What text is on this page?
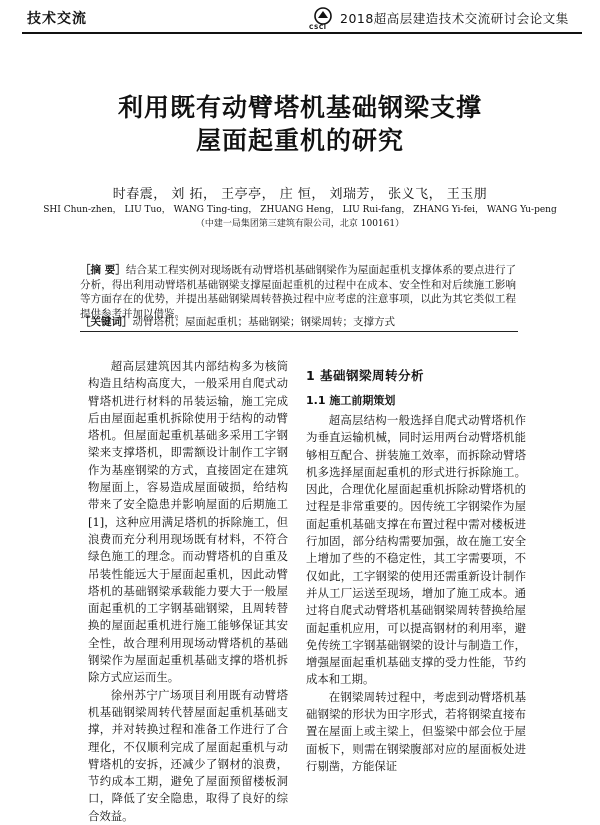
技术交流
CSCI
2018超高层建造技术交流研讨会论文集
利用既有动臂塔机基础钢梁支撑
屋面起重机的研究
时春震， 刘 拓， 王亭亭， 庄 恒， 刘瑞芳， 张义飞， 王玉朋
SHI Chun-zhen， LIU Tuo， WANG Ting-ting， ZHUANG Heng， LIU Rui-fang， ZHANG Yi-fei， WANG Yu-peng
（中建一局集团第三建筑有限公司，北京 100161）
［摘 要］结合某工程实例对现场既有动臂塔机基础钢梁作为屋面起重机支撑体系的要点进行了分析，得出利用动臂塔机基础钢梁支撑屋面起重机的过程中在成本、安全性和对后续施工影响等方面存在的优势，并提出基础钢梁周转替换过程中应考虑的注意事项，以此为其它类似工程提供参考并加以借鉴。
［关键词］动臂塔机；屋面起重机；基础钢梁；钢梁周转；支撑方式

超高层建筑因其内部结构多为核筒构造且结构高度大，一般采用自爬式动臂塔机进行材料的吊装运输，施工完成后由屋面起重机拆除使用于结构的动臂塔机。但屋面起重机基础多采用工字钢梁来支撑塔机，即需额设计制作工字钢作为基座钢梁的方式，直接固定在建筑物屋面上，容易造成屋面破损，给结构带来了安全隐患并影响屋面的后期施工[1]，这种应用满足塔机的拆除施工，但浪费而充分利用现场既有材料，不符合绿色施工的理念。而动臂塔机的自重及吊装性能远大于屋面起重机，因此动臂塔机的基础钢梁承载能力要大于一般屋面起重机的工字钢基础钢梁，且周转替换的屋面起重机进行施工能够保证其安全性，故合理利用现场动臂塔机的基础钢梁作为屋面起重机基础支撑的塔机拆除方式应运而生。

徐州苏宁广场项目利用既有动臂塔机基础钢梁周转代替屋面起重机基础支撑，并对转换过程和准备工作进行了合理化，不仅顺利完成了屋面起重机与动臂塔机的安拆，还减少了钢材的浪费，节约成本工期，避免了屋面预留楼板洞口，降低了安全隐患，取得了良好的综合效益。

1 基础钢梁周转分析
1.1 施工前期策划

超高层结构一般选择自爬式动臂塔机作为垂直运输机械，同时运用两台动臂塔机能够相互配合、拼装施工效率，而拆除动臂塔机多选择屋面起重机的形式进行拆除施工。因此，合理优化屋面起重机拆除动臂塔机的过程是非常重要的。因传统工字钢梁作为屋面起重机基础支撑在布置过程中需对楼板进行加固，部分结构需要加强，故在施工安全上增加了些的不稳定性，其工字需要项，不仅如此，工字钢梁的使用还需重新设计制作并从工厂运送至现场，增加了施工成本。通过将自爬式动臂塔机基础钢梁周转替换给屋面起重机应用，可以提高钢材的利用率，避免传统工字钢基础钢梁的设计与制造工作，增强屋面起重机基础支撑的受力性能，节约成本和工期。

在钢梁周转过程中，考虑到动臂塔机基础钢梁的形状为田字形式，若将钢梁直接布置在屋面上或主梁上，但鉴梁中部会位于屋面板下，则需在钢梁腹部对应的屋面板处进行剔凿，方能保证
